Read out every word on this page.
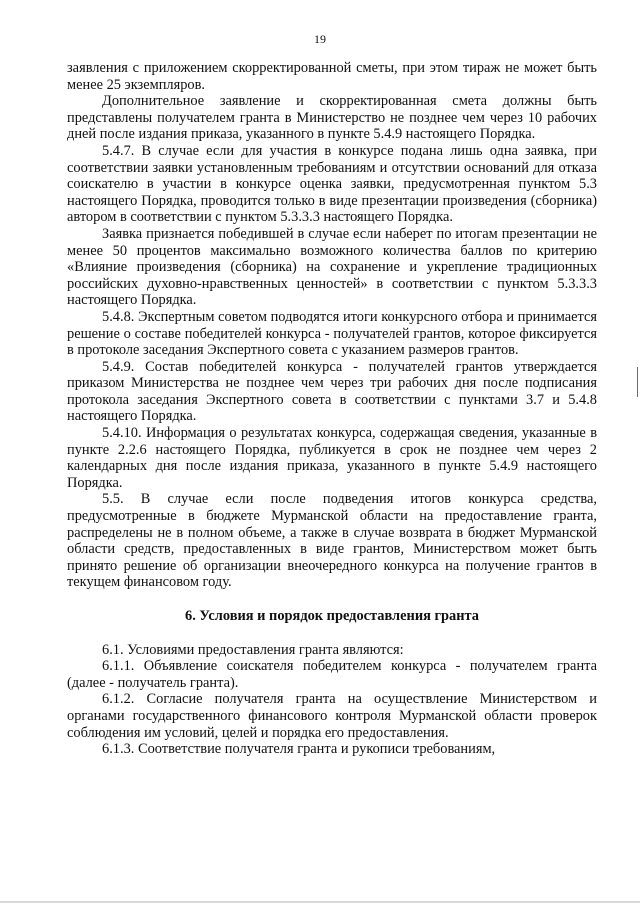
19

заявления с приложением скорректированной сметы, при этом тираж не может быть менее 25 экземпляров.

Дополнительное заявление и скорректированная смета должны быть представлены получателем гранта в Министерство не позднее чем через 10 рабочих дней после издания приказа, указанного в пункте 5.4.9 настоящего Порядка.

5.4.7. В случае если для участия в конкурсе подана лишь одна заявка, при соответствии заявки установленным требованиям и отсутствии оснований для отказа соискателю в участии в конкурсе оценка заявки, предусмотренная пунктом 5.3 настоящего Порядка, проводится только в виде презентации произведения (сборника) автором в соответствии с пунктом 5.3.3.3 настоящего Порядка.

Заявка признается победившей в случае если наберет по итогам презентации не менее 50 процентов максимально возможного количества баллов по критерию «Влияние произведения (сборника) на сохранение и укрепление традиционных российских духовно-нравственных ценностей» в соответствии с пунктом 5.3.3.3 настоящего Порядка.

5.4.8. Экспертным советом подводятся итоги конкурсного отбора и принимается решение о составе победителей конкурса - получателей грантов, которое фиксируется в протоколе заседания Экспертного совета с указанием размеров грантов.

5.4.9. Состав победителей конкурса - получателей грантов утверждается приказом Министерства не позднее чем через три рабочих дня после подписания протокола заседания Экспертного совета в соответствии с пунктами 3.7 и 5.4.8 настоящего Порядка.

5.4.10. Информация о результатах конкурса, содержащая сведения, указанные в пункте 2.2.6 настоящего Порядка, публикуется в срок не позднее чем через 2 календарных дня после издания приказа, указанного в пункте 5.4.9 настоящего Порядка.

5.5. В случае если после подведения итогов конкурса средства, предусмотренные в бюджете Мурманской области на предоставление гранта, распределены не в полном объеме, а также в случае возврата в бюджет Мурманской области средств, предоставленных в виде грантов, Министерством может быть принято решение об организации внеочередного конкурса на получение грантов в текущем финансовом году.

6. Условия и порядок предоставления гранта

6.1. Условиями предоставления гранта являются:

6.1.1. Объявление соискателя победителем конкурса - получателем гранта (далее - получатель гранта).

6.1.2. Согласие получателя гранта на осуществление Министерством и органами государственного финансового контроля Мурманской области проверок соблюдения им условий, целей и порядка его предоставления.

6.1.3. Соответствие получателя гранта и рукописи требованиям,
